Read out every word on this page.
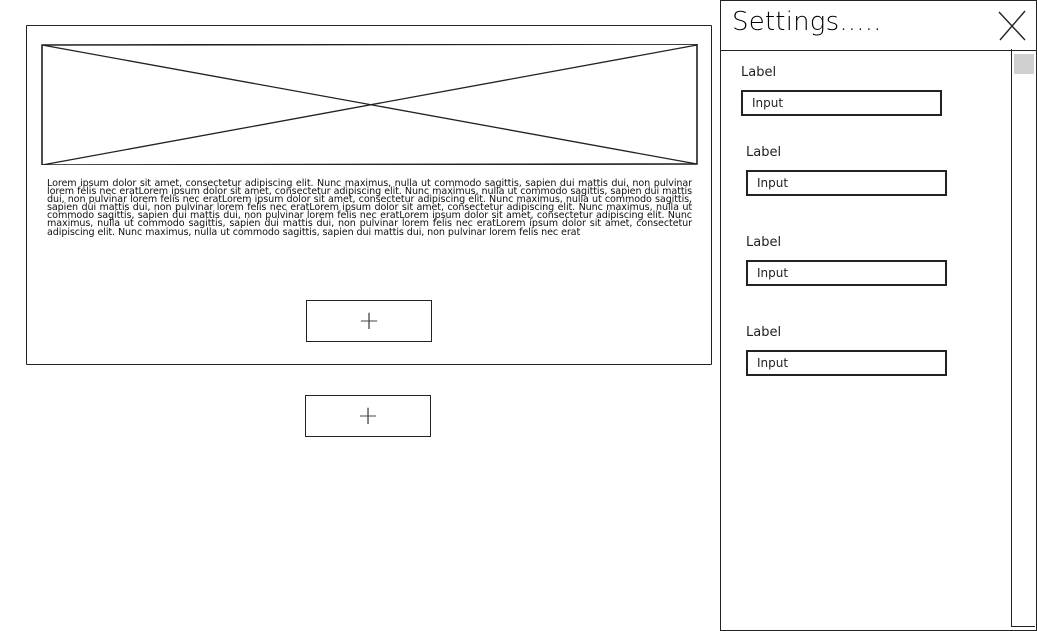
Lorem ipsum dolor sit amet, consectetur adipiscing elit. Nunc maximus, nulla ut commodo sagittis, sapien dui mattis dui, non pulvinar lorem felis nec eratLorem ipsum dolor sit amet, consectetur adipiscing elit. Nunc maximus, nulla ut commodo sagittis, sapien dui mattis dui, non pulvinar lorem felis nec eratLorem ipsum dolor sit amet, consectetur adipiscing elit. Nunc maximus, nulla ut commodo sagittis, sapien dui mattis dui, non pulvinar lorem felis nec eratLorem ipsum dolor sit amet, consectetur adipiscing elit. Nunc maximus, nulla ut commodo sagittis, sapien dui mattis dui, non pulvinar lorem felis nec eratLorem ipsum dolor sit amet, consectetur adipiscing elit. Nunc maximus, nulla ut commodo sagittis, sapien dui mattis dui, non pulvinar lorem felis nec eratLorem ipsum dolor sit amet, consectetur adipiscing elit. Nunc maximus, nulla ut commodo sagittis, sapien dui mattis dui, non pulvinar lorem felis nec erat
+
+
Settings.....
Label
Input
Label
Input
Label
Input
Label
Input
